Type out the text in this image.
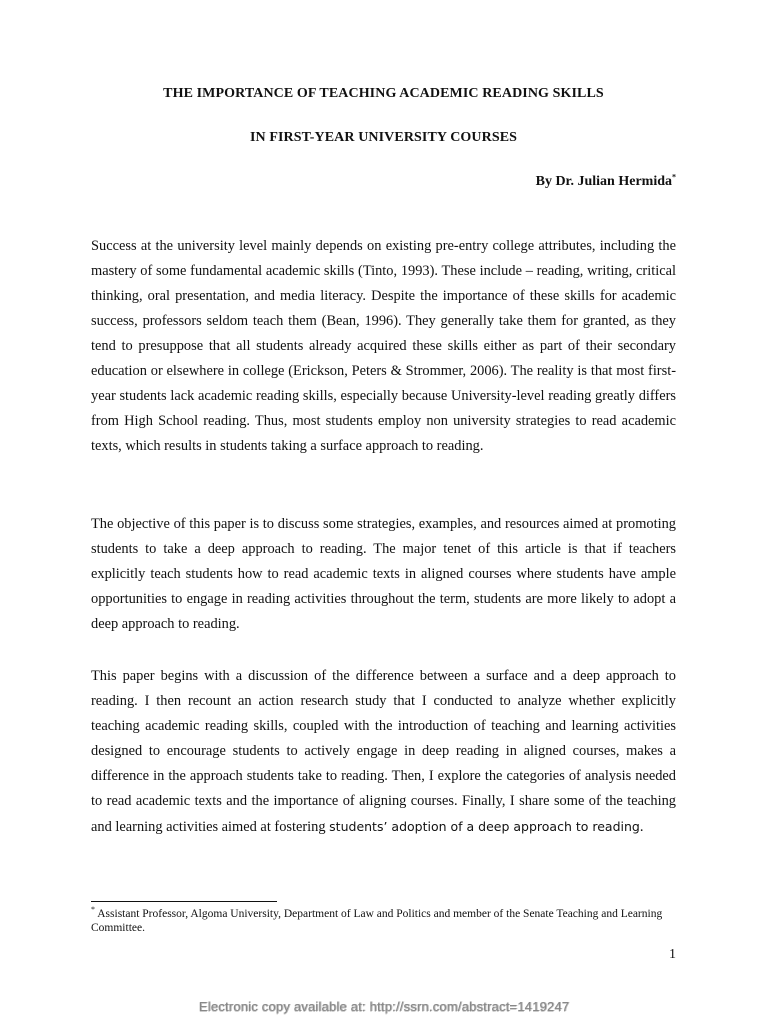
THE IMPORTANCE OF TEACHING ACADEMIC READING SKILLS
IN FIRST-YEAR UNIVERSITY COURSES

By Dr. Julian Hermida*

Success at the university level mainly depends on existing pre-entry college attributes, including the mastery of some fundamental academic skills (Tinto, 1993). These include – reading, writing, critical thinking, oral presentation, and media literacy. Despite the importance of these skills for academic success, professors seldom teach them (Bean, 1996). They generally take them for granted, as they tend to presuppose that all students already acquired these skills either as part of their secondary education or elsewhere in college (Erickson, Peters & Strommer, 2006). The reality is that most first-year students lack academic reading skills, especially because University-level reading greatly differs from High School reading. Thus, most students employ non university strategies to read academic texts, which results in students taking a surface approach to reading.

The objective of this paper is to discuss some strategies, examples, and resources aimed at promoting students to take a deep approach to reading. The major tenet of this article is that if teachers explicitly teach students how to read academic texts in aligned courses where students have ample opportunities to engage in reading activities throughout the term, students are more likely to adopt a deep approach to reading.

This paper begins with a discussion of the difference between a surface and a deep approach to reading. I then recount an action research study that I conducted to analyze whether explicitly teaching academic reading skills, coupled with the introduction of teaching and learning activities designed to encourage students to actively engage in deep reading in aligned courses, makes a difference in the approach students take to reading. Then, I explore the categories of analysis needed to read academic texts and the importance of aligning courses. Finally, I share some of the teaching and learning activities aimed at fostering students’ adoption of a deep approach to reading.

* Assistant Professor, Algoma University, Department of Law and Politics and member of the Senate Teaching and Learning Committee.

1

Electronic copy available at: http://ssrn.com/abstract=1419247
